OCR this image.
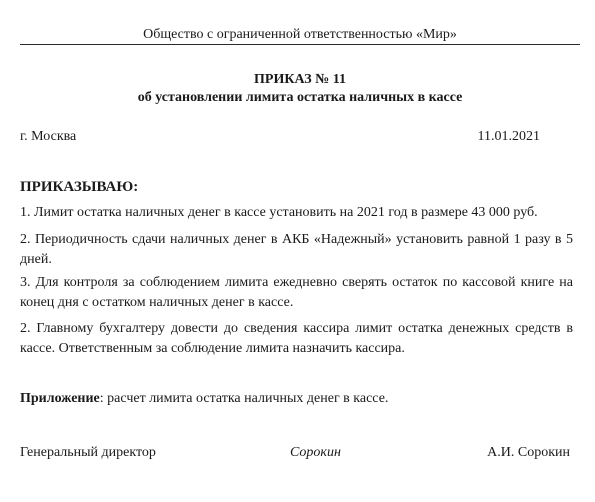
Общество с ограниченной ответственностью «Мир»
ПРИКАЗ № 11
об установлении лимита остатка наличных в кассе
г. Москва	11.01.2021
ПРИКАЗЫВАЮ:
1. Лимит остатка наличных денег в кассе установить на 2021 год в размере 43 000 руб.
2. Периодичность сдачи наличных денег в АКБ «Надежный» установить равной 1 разу в 5 дней.
3. Для контроля за соблюдением лимита ежедневно сверять остаток по кассовой книге на конец дня с остатком наличных денег в кассе.
2. Главному бухгалтеру довести до сведения кассира лимит остатка денежных средств в кассе. Ответственным за соблюдение лимита назначить кассира.
Приложение: расчет лимита остатка наличных денег в кассе.
Генеральный директор	Сорокин	А.И. Сорокин
